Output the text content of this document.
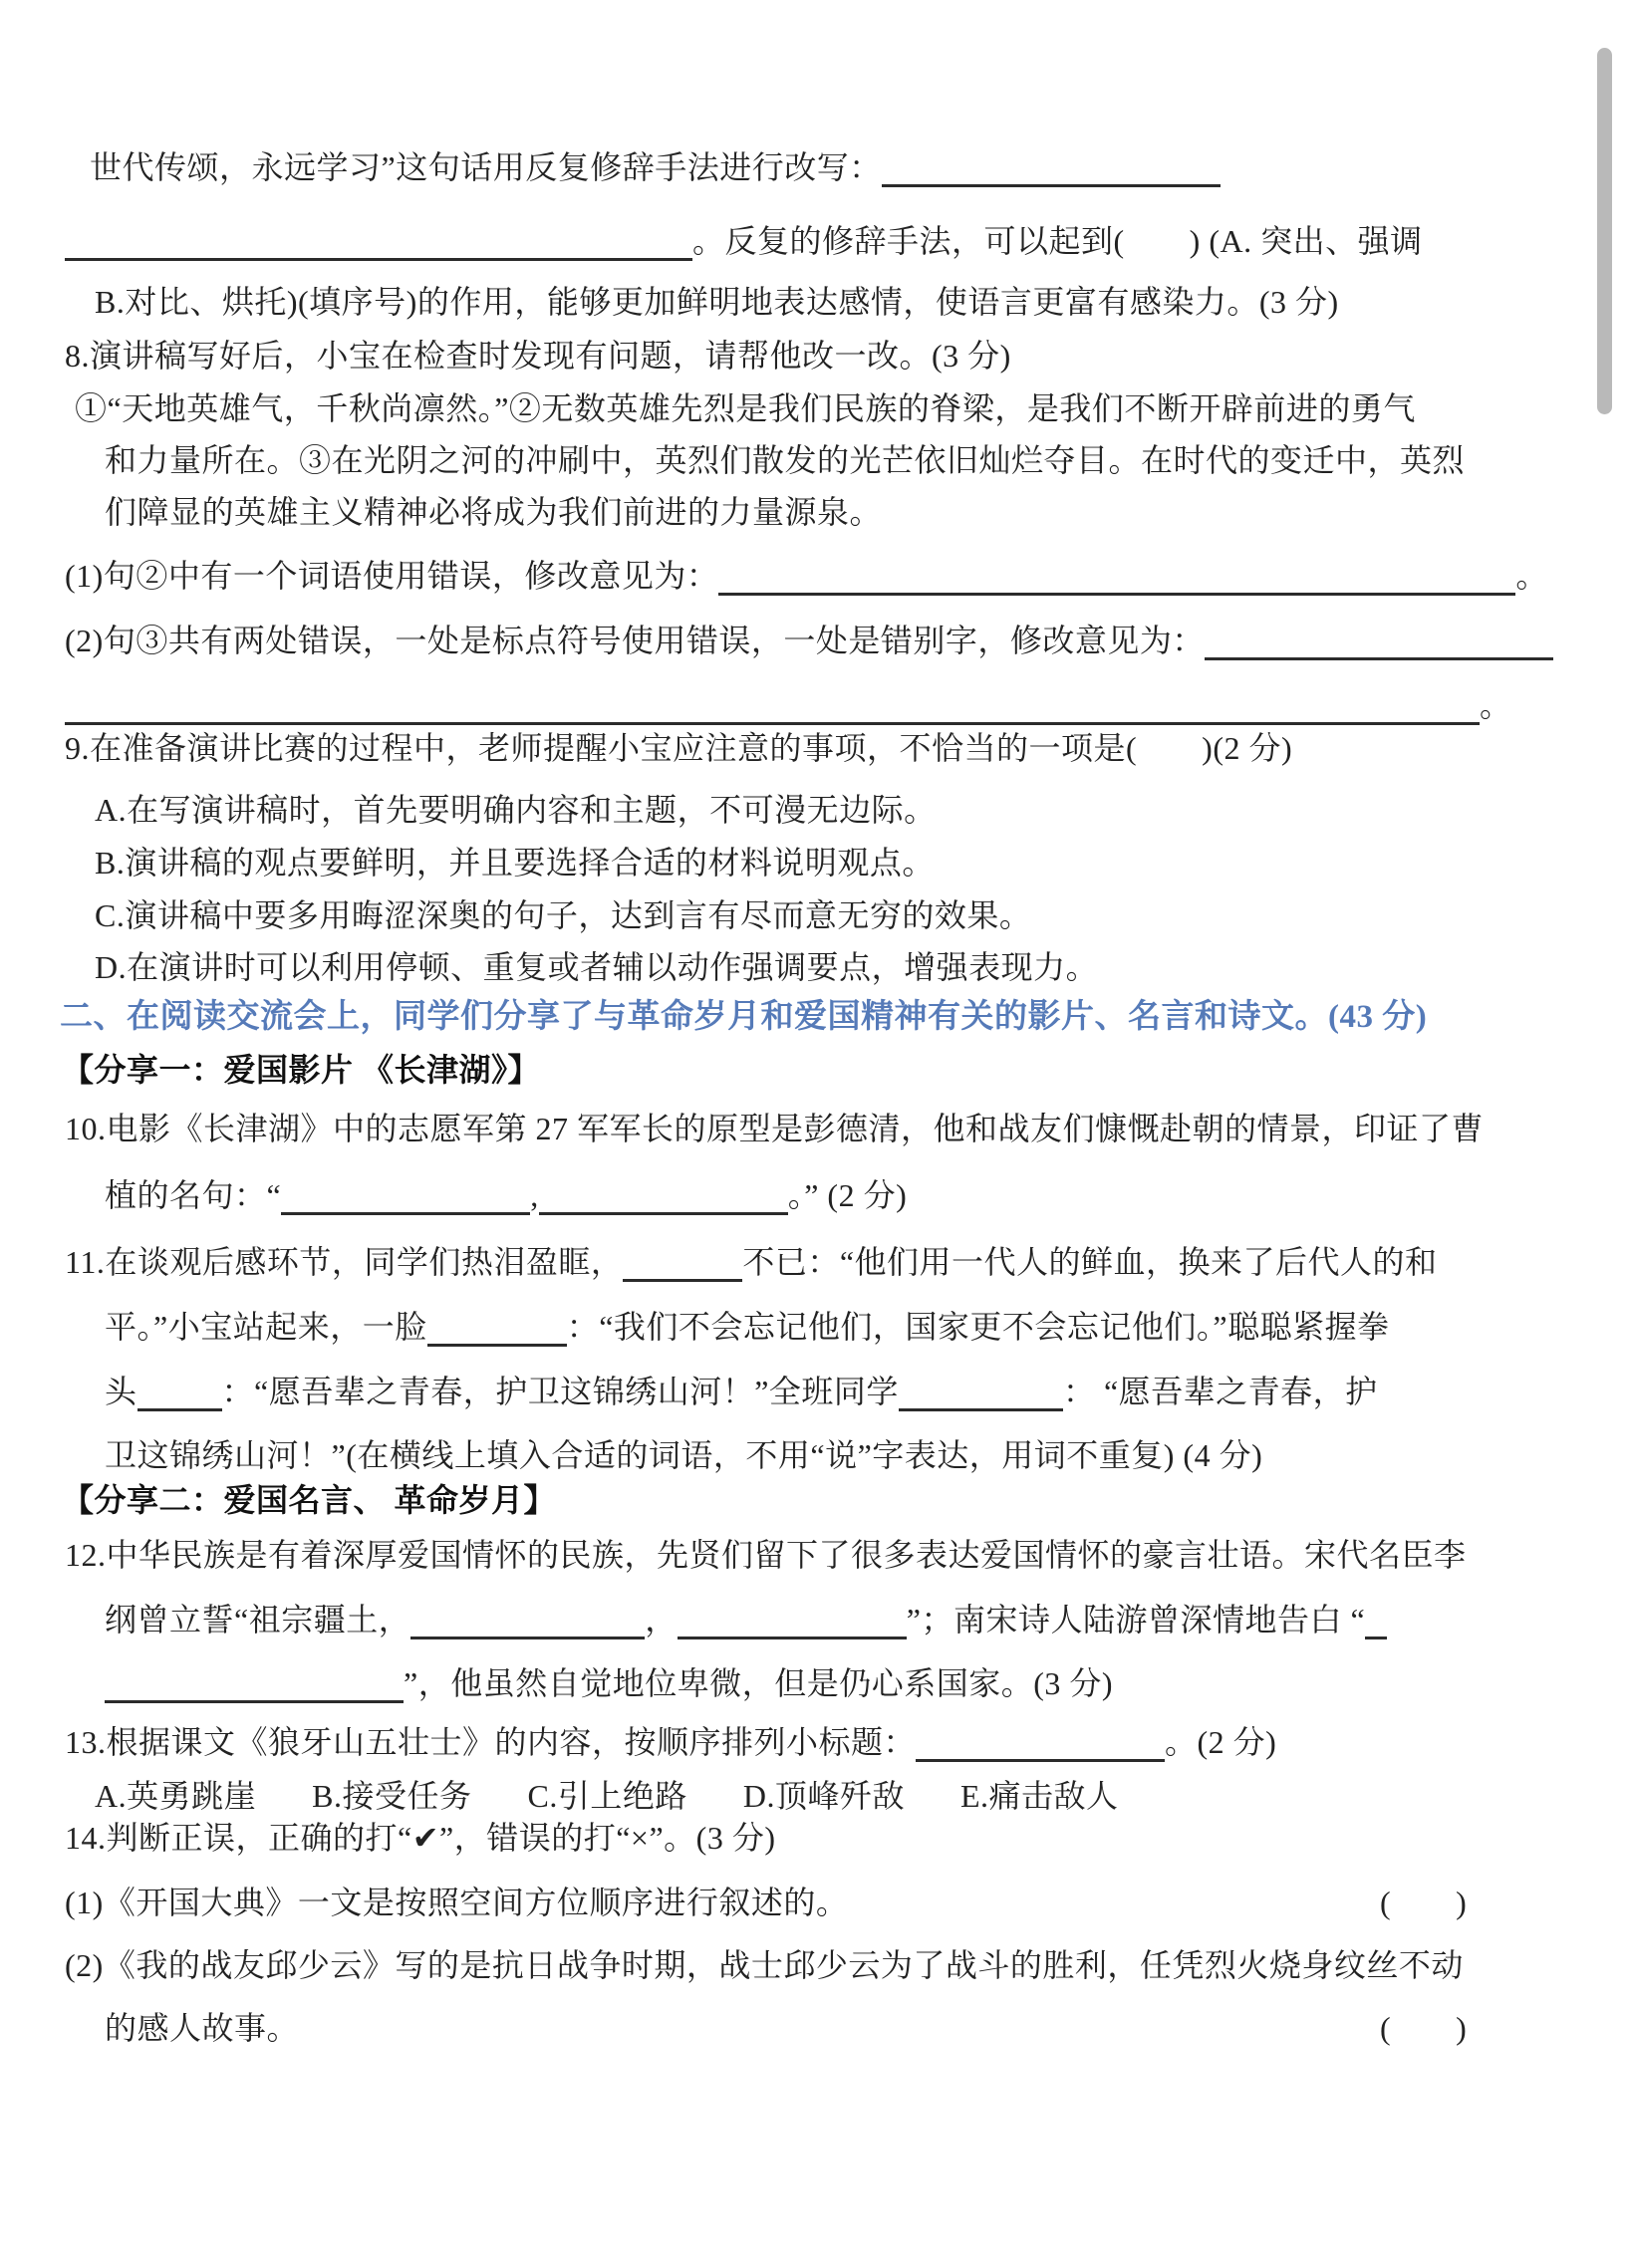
世代传颂，永远学习”这句话用反复修辞手法进行改写：
。反复的修辞手法，可以起到(　　) (A. 突出、强调
B.对比、烘托)(填序号)的作用，能够更加鲜明地表达感情，使语言更富有感染力。(3 分)
8.演讲稿写好后，小宝在检查时发现有问题，请帮他改一改。(3 分)
①“天地英雄气，千秋尚凛然。”②无数英雄先烈是我们民族的脊梁，是我们不断开辟前进的勇气
和力量所在。③在光阴之河的冲刷中，英烈们散发的光芒依旧灿烂夺目。在时代的变迁中，英烈
们障显的英雄主义精神必将成为我们前进的力量源泉。
(1)句②中有一个词语使用错误，修改意见为：	。
(2)句③共有两处错误，一处是标点符号使用错误，一处是错别字，修改意见为：
。
9.在准备演讲比赛的过程中，老师提醒小宝应注意的事项，不恰当的一项是(　　)(2 分)
A.在写演讲稿时，首先要明确内容和主题，不可漫无边际。
B.演讲稿的观点要鲜明，并且要选择合适的材料说明观点。
C.演讲稿中要多用晦涩深奥的句子，达到言有尽而意无穷的效果。
D.在演讲时可以利用停顿、重复或者辅以动作强调要点，增强表现力。
二、在阅读交流会上，同学们分享了与革命岁月和爱国精神有关的影片、名言和诗文。(43 分)
【分享一：爱国影片 《长津湖》】
10.电影《长津湖》中的志愿军第 27 军军长的原型是彭德清，他和战友们慷慨赴朝的情景，印证了曹
植的名句：“	,	。” (2 分)
11.在谈观后感环节，同学们热泪盈眶，	不已：“他们用一代人的鲜血，换来了后代人的和
平。”小宝站起来，一脸	：“我们不会忘记他们，国家更不会忘记他们。”聪聪紧握拳
头	：“愿吾辈之青春，护卫这锦绣山河！”全班同学	： “愿吾辈之青春，护
卫这锦绣山河！”(在横线上填入合适的词语，不用“说”字表达，用词不重复) (4 分)
【分享二：爱国名言、 革命岁月】
12.中华民族是有着深厚爱国情怀的民族，先贤们留下了很多表达爱国情怀的豪言壮语。宋代名臣李
纲曾立誓“祖宗疆土，	，	”；南宋诗人陆游曾深情地告白 “
”，他虽然自觉地位卑微，但是仍心系国家。(3 分)
13.根据课文《狼牙山五壮士》的内容，按顺序排列小标题：	。(2 分)
A.英勇跳崖 B.接受任务 C.引上绝路 D.顶峰歼敌 E.痛击敌人
14.判断正误，正确的打“✔”，错误的打“×”。(3 分)
(1)《开国大典》一文是按照空间方位顺序进行叙述的。	(　　)
(2)《我的战友邱少云》写的是抗日战争时期，战士邱少云为了战斗的胜利，任凭烈火烧身纹丝不动
的感人故事。	(　　)
